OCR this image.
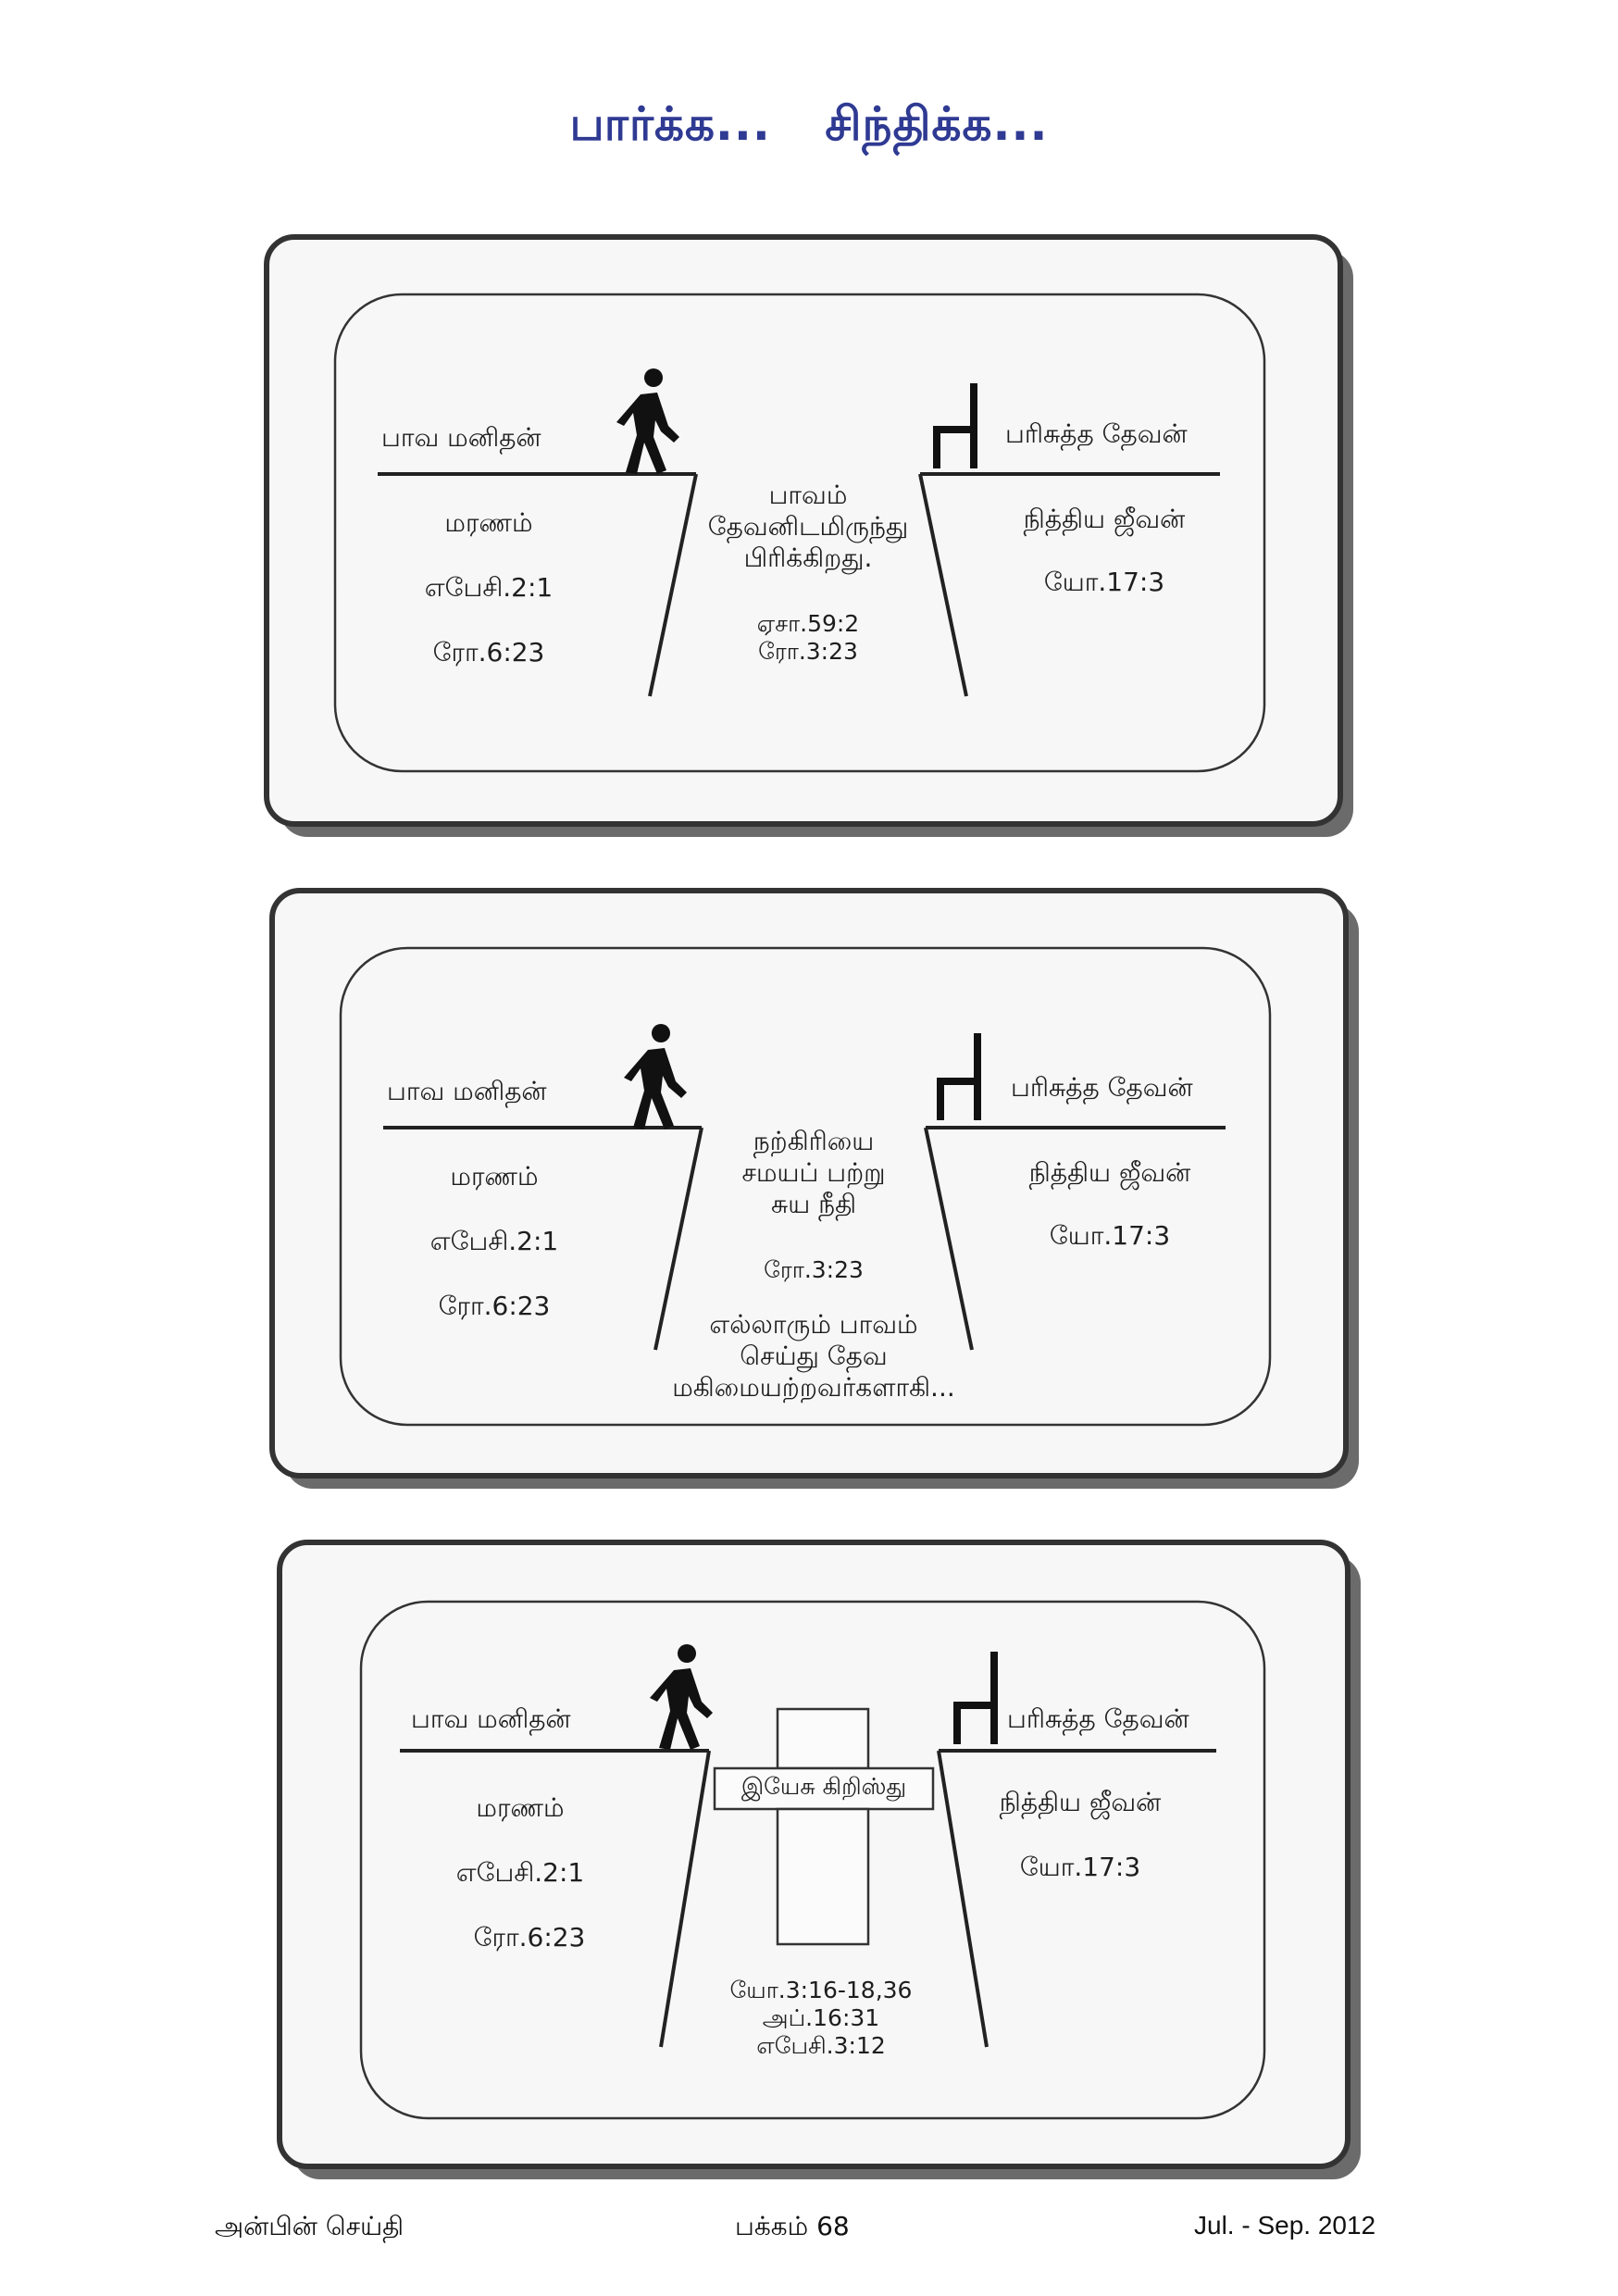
பார்க்க... சிந்திக்க...
பாவ மனிதன்	பரிசுத்த தேவன்
மரணம்
எபேசி.2:1
ரோ.6:23
நித்திய ஜீவன்
யோ.17:3
பாவம்
தேவனிடமிருந்து
பிரிக்கிறது.
ஏசா.59:2
ரோ.3:23
பாவ மனிதன்	பரிசுத்த தேவன்
மரணம்
எபேசி.2:1
ரோ.6:23
நித்திய ஜீவன்
யோ.17:3
நற்கிரியை
சமயப் பற்று
சுய நீதி
ரோ.3:23
எல்லாரும் பாவம்
செய்து தேவ
மகிமையற்றவர்களாகி...
பாவ மனிதன்	பரிசுத்த தேவன்
மரணம்
எபேசி.2:1
ரோ.6:23
நித்திய ஜீவன்
யோ.17:3
இயேசு கிறிஸ்து
யோ.3:16-18,36
அப்.16:31
எபேசி.3:12
அன்பின் செய்தி	பக்கம் 68	Jul. - Sep. 2012
